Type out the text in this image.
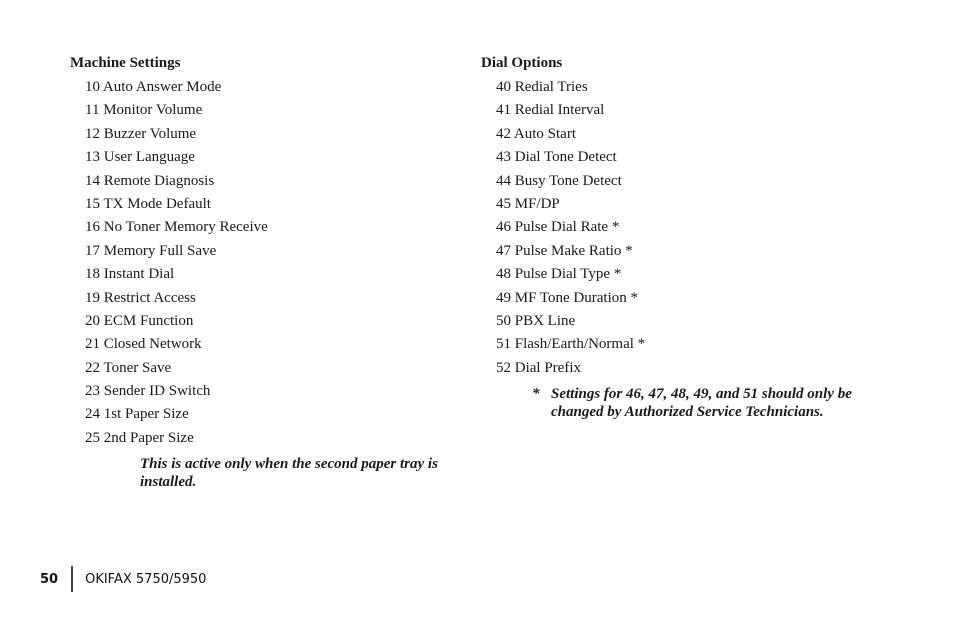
Machine Settings
10 Auto Answer Mode
11 Monitor Volume
12 Buzzer Volume
13 User Language
14 Remote Diagnosis
15 TX Mode Default
16 No Toner Memory Receive
17 Memory Full Save
18 Instant Dial
19 Restrict Access
20 ECM Function
21 Closed Network
22 Toner Save
23 Sender ID Switch
24 1st Paper Size
25 2nd Paper Size

This is active only when the second paper tray is installed.

Dial Options
40 Redial Tries
41 Redial Interval
42 Auto Start
43 Dial Tone Detect
44 Busy Tone Detect
45 MF/DP
46 Pulse Dial Rate *
47 Pulse Make Ratio *
48 Pulse Dial Type *
49 MF Tone Duration *
50 PBX Line
51 Flash/Earth/Normal *
52 Dial Prefix
* Settings for 46, 47, 48, 49, and 51 should only be changed by Authorized Service Technicians.
50 OKIFAX 5750/5950
